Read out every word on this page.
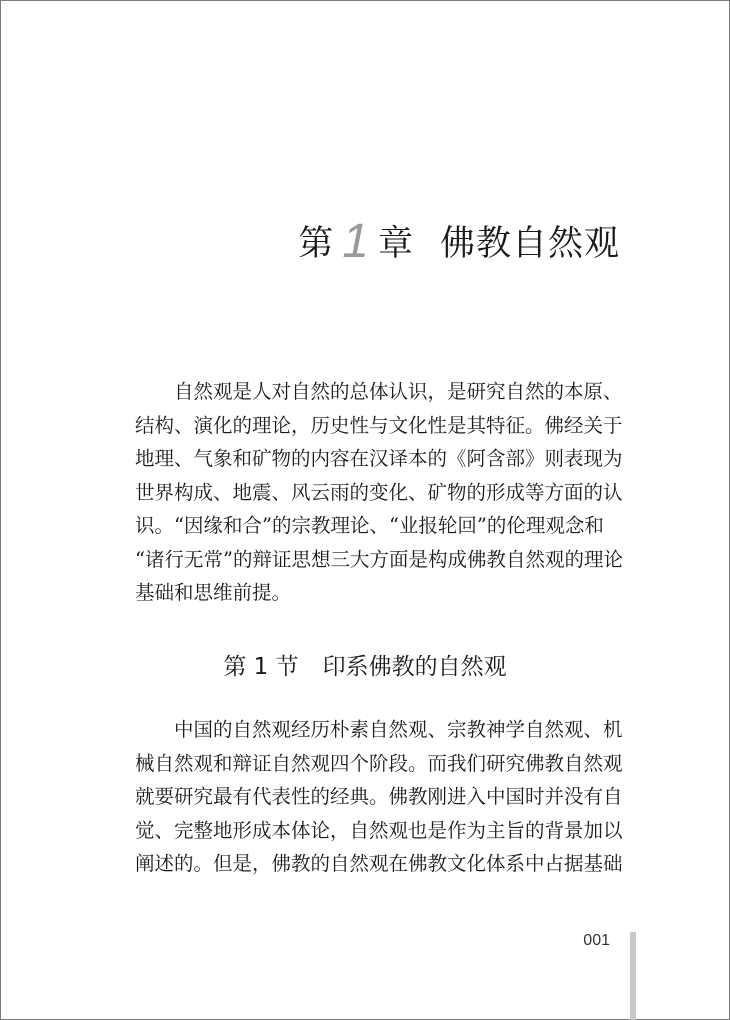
第 1 章 佛教自然观
自然观是人对自然的总体认识，是研究自然的本原、
结构、演化的理论，历史性与文化性是其特征。佛经关于
地理、气象和矿物的内容在汉译本的《阿含部》则表现为
世界构成、地震、风云雨的变化、矿物的形成等方面的认
识。“因缘和合”的宗教理论、“业报轮回”的伦理观念和
“诸行无常”的辩证思想三大方面是构成佛教自然观的理论
基础和思维前提。
第 1 节 印系佛教的自然观
中国的自然观经历朴素自然观、宗教神学自然观、机
械自然观和辩证自然观四个阶段。而我们研究佛教自然观
就要研究最有代表性的经典。佛教刚进入中国时并没有自
觉、完整地形成本体论，自然观也是作为主旨的背景加以
阐述的。但是，佛教的自然观在佛教文化体系中占据基础
001
